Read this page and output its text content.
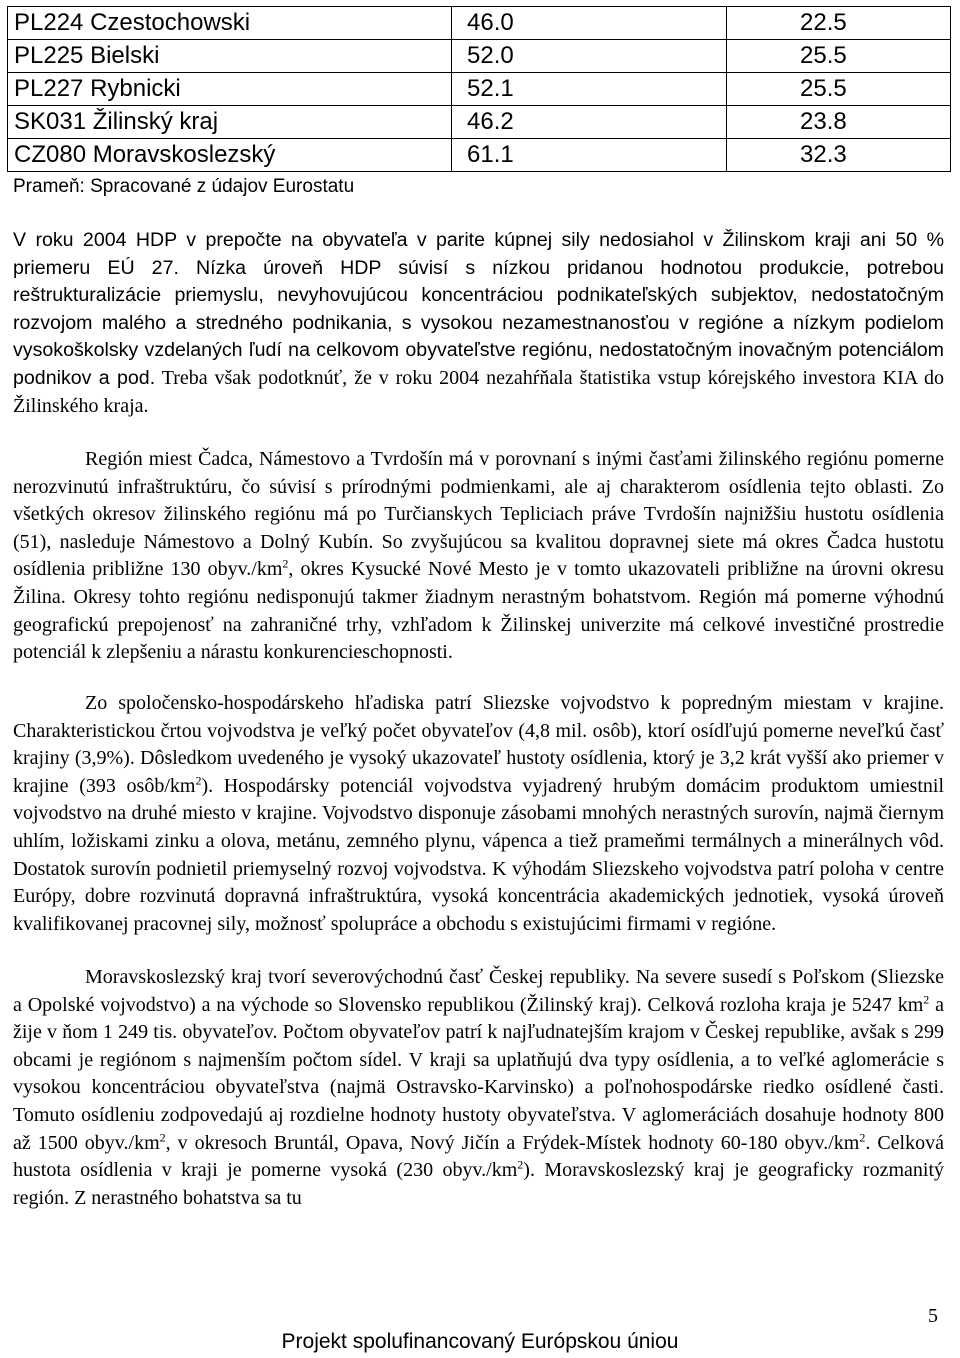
PL224 Czestochowski	46.0	22.5
PL225 Bielski	52.0	25.5
PL227 Rybnicki	52.1	25.5
SK031 Žilinský kraj	46.2	23.8
CZ080 Moravskoslezský	61.1	32.3
Prameň: Spracované z údajov Eurostatu

V roku 2004 HDP v prepočte na obyvateľa v parite kúpnej sily nedosiahol v Žilinskom kraji ani 50 % priemeru EÚ 27. Nízka úroveň HDP súvisí s nízkou pridanou hodnotou produkcie, potrebou reštrukturalizácie priemyslu, nevyhovujúcou koncentráciou podnikateľských subjektov, nedostatočným rozvojom malého a stredného podnikania, s vysokou nezamestnanosťou v regióne a nízkym podielom vysokoškolsky vzdelaných ľudí na celkovom obyvateľstve regiónu, nedostatočným inovačným potenciálom podnikov a pod. Treba však podotknúť, že v roku 2004 nezahŕňala štatistika vstup kórejského investora KIA do Žilinského kraja.

Región miest Čadca, Námestovo a Tvrdošín má v porovnaní s inými časťami žilinského regiónu pomerne nerozvinutú infraštruktúru, čo súvisí s prírodnými podmienkami, ale aj charakterom osídlenia tejto oblasti. Zo všetkých okresov žilinského regiónu má po Turčianskych Tepliciach práve Tvrdošín najnižšiu hustotu osídlenia (51), nasleduje Námestovo a Dolný Kubín. So zvyšujúcou sa kvalitou dopravnej siete má okres Čadca hustotu osídlenia približne 130 $obyv./km^2$, okres Kysucké Nové Mesto je v tomto ukazovateli približne na úrovni okresu Žilina. Okresy tohto regiónu nedisponujú takmer žiadnym nerastným bohatstvom. Región má pomerne výhodnú geografickú prepojenosť na zahraničné trhy, vzhľadom k Žilinskej univerzite má celkové investičné prostredie potenciál k zlepšeniu a nárastu konkurencieschopnosti.

Zo spoločensko-hospodárskeho hľadiska patrí Sliezske vojvodstvo k popredným miestam v krajine. Charakteristickou črtou vojvodstva je veľký počet obyvateľov (4,8 mil. osôb), ktorí osídľujú pomerne neveľkú časť krajiny (3,9%). Dôsledkom uvedeného je vysoký ukazovateľ hustoty osídlenia, ktorý je 3,2 krát vyšší ako priemer v krajine (393 osôb/$km^2$). Hospodársky potenciál vojvodstva vyjadrený hrubým domácim produktom umiestnil vojvodstvo na druhé miesto v krajine. Vojvodstvo disponuje zásobami mnohých nerastných surovín, najmä čiernym uhlím, ložiskami zinku a olova, metánu, zemného plynu, vápenca a tiež prameňmi termálnych a minerálnych vôd. Dostatok surovín podnietil priemyselný rozvoj vojvodstva. K výhodám Sliezskeho vojvodstva patrí poloha v centre Európy, dobre rozvinutá dopravná infraštruktúra, vysoká koncentrácia akademických jednotiek, vysoká úroveň kvalifikovanej pracovnej sily, možnosť spolupráce a obchodu s existujúcimi firmami v regióne.

Moravskoslezský kraj tvorí severovýchodnú časť Českej republiky. Na severe susedí s Poľskom (Sliezske a Opolské vojvodstvo) a na východe so Slovensko republikou (Žilinský kraj). Celková rozloha kraja je 5247 $km^2$ a žije v ňom 1 249 tis. obyvateľov. Počtom obyvateľov patrí k najľudnatejším krajom v Českej republike, avšak s 299 obcami je regiónom s najmenším počtom sídel. V kraji sa uplatňujú dva typy osídlenia, a to veľké aglomerácie s vysokou koncentráciou obyvateľstva (najmä Ostravsko-Karvinsko) a poľnohospodárske riedko osídlené časti. Tomuto osídleniu zodpovedajú aj rozdielne hodnoty hustoty obyvateľstva. V aglomeráciách dosahuje hodnoty 800 až 1500 $obyv./km^2$, v okresoch Bruntál, Opava, Nový Jičín a Frýdek-Místek hodnoty 60-180 $obyv./km^2$. Celková hustota osídlenia v kraji je pomerne vysoká (230 $obyv./km^2$). Moravskoslezský kraj je geograficky rozmanitý región. Z nerastného bohatstva sa tu

5
Projekt spolufinancovaný Európskou úniou
